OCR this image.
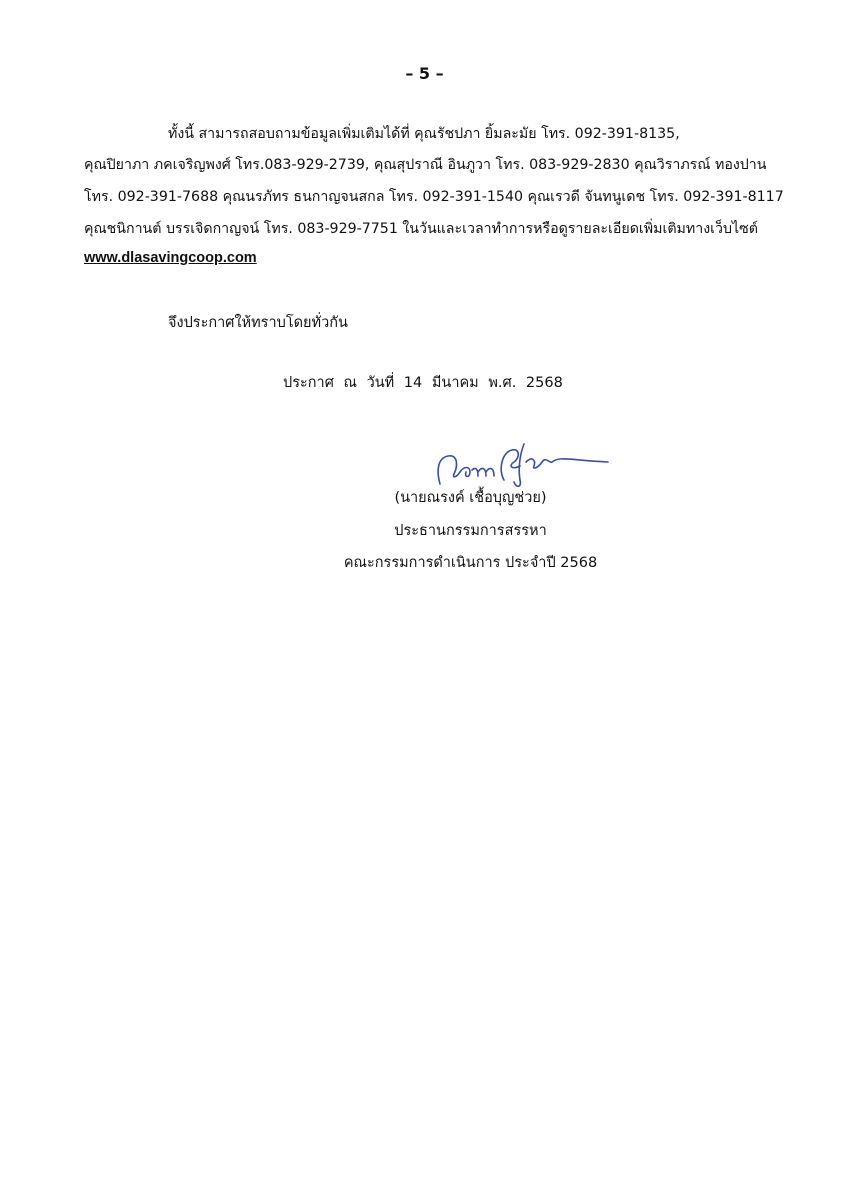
– 5 –
ทั้งนี้ สามารถสอบถามข้อมูลเพิ่มเติมได้ที่ คุณรัชปภา ยิ้มละมัย โทร. 092-391-8135,
คุณปิยาภา ภคเจริญพงศ์ โทร.083-929-2739, คุณสุปราณี อินภูวา โทร. 083-929-2830 คุณวิราภรณ์ ทองปาน
โทร. 092-391-7688 คุณนรภัทร ธนกาญจนสกล โทร. 092-391-1540 คุณเรวดี จันทนูเดช โทร. 092-391-8117
คุณชนิกานต์ บรรเจิดกาญจน์ โทร. 083-929-7751 ในวันและเวลาทำการหรือดูรายละเอียดเพิ่มเติมทางเว็บไซต์
www.dlasavingcoop.com
จึงประกาศให้ทราบโดยทั่วกัน
ประกาศ ณ วันที่ 14 มีนาคม พ.ศ. 2568
(นายณรงค์ เชื้อบุญช่วย)
ประธานกรรมการสรรหา
คณะกรรมการดำเนินการ ประจำปี 2568
